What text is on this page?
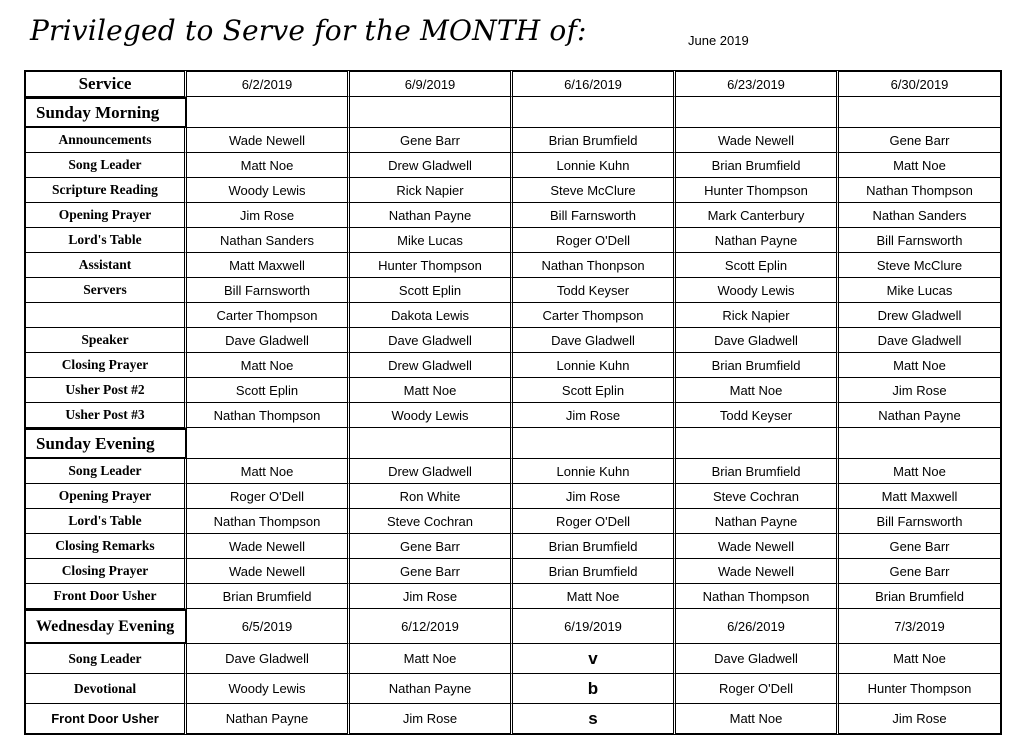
Privileged to Serve for the MONTH of:	June 2019
Service	6/2/2019	6/9/2019	6/16/2019	6/23/2019	6/30/2019
Sunday Morning					
Announcements	Wade Newell	Gene Barr	Brian Brumfield	Wade Newell	Gene Barr
Song Leader	Matt Noe	Drew Gladwell	Lonnie Kuhn	Brian Brumfield	Matt Noe
Scripture Reading	Woody Lewis	Rick Napier	Steve McClure	Hunter Thompson	Nathan Thompson
Opening Prayer	Jim Rose	Nathan Payne	Bill Farnsworth	Mark Canterbury	Nathan Sanders
Lord's Table	Nathan Sanders	Mike Lucas	Roger O'Dell	Nathan Payne	Bill Farnsworth
Assistant	Matt Maxwell	Hunter Thompson	Nathan Thonpson	Scott Eplin	Steve McClure
Servers	Bill Farnsworth	Scott Eplin	Todd Keyser	Woody Lewis	Mike Lucas
	Carter Thompson	Dakota Lewis	Carter Thompson	Rick Napier	Drew Gladwell
Speaker	Dave Gladwell	Dave Gladwell	Dave Gladwell	Dave Gladwell	Dave Gladwell
Closing Prayer	Matt Noe	Drew Gladwell	Lonnie Kuhn	Brian Brumfield	Matt Noe
Usher Post #2	Scott Eplin	Matt Noe	Scott Eplin	Matt Noe	Jim Rose
Usher Post #3	Nathan Thompson	Woody Lewis	Jim Rose	Todd Keyser	Nathan Payne
Sunday Evening					
Song Leader	Matt Noe	Drew Gladwell	Lonnie Kuhn	Brian Brumfield	Matt Noe
Opening Prayer	Roger O'Dell	Ron White	Jim Rose	Steve Cochran	Matt Maxwell
Lord's Table	Nathan Thompson	Steve Cochran	Roger O'Dell	Nathan Payne	Bill Farnsworth
Closing Remarks	Wade Newell	Gene Barr	Brian Brumfield	Wade Newell	Gene Barr
Closing Prayer	Wade Newell	Gene Barr	Brian Brumfield	Wade Newell	Gene Barr
Front Door Usher	Brian Brumfield	Jim Rose	Matt Noe	Nathan Thompson	Brian Brumfield
Wednesday Evening	6/5/2019	6/12/2019	6/19/2019	6/26/2019	7/3/2019
Song Leader	Dave Gladwell	Matt Noe	v	Dave Gladwell	Matt Noe
Devotional	Woody Lewis	Nathan Payne	b	Roger O'Dell	Hunter Thompson
Front Door Usher	Nathan Payne	Jim Rose	s	Matt Noe	Jim Rose
